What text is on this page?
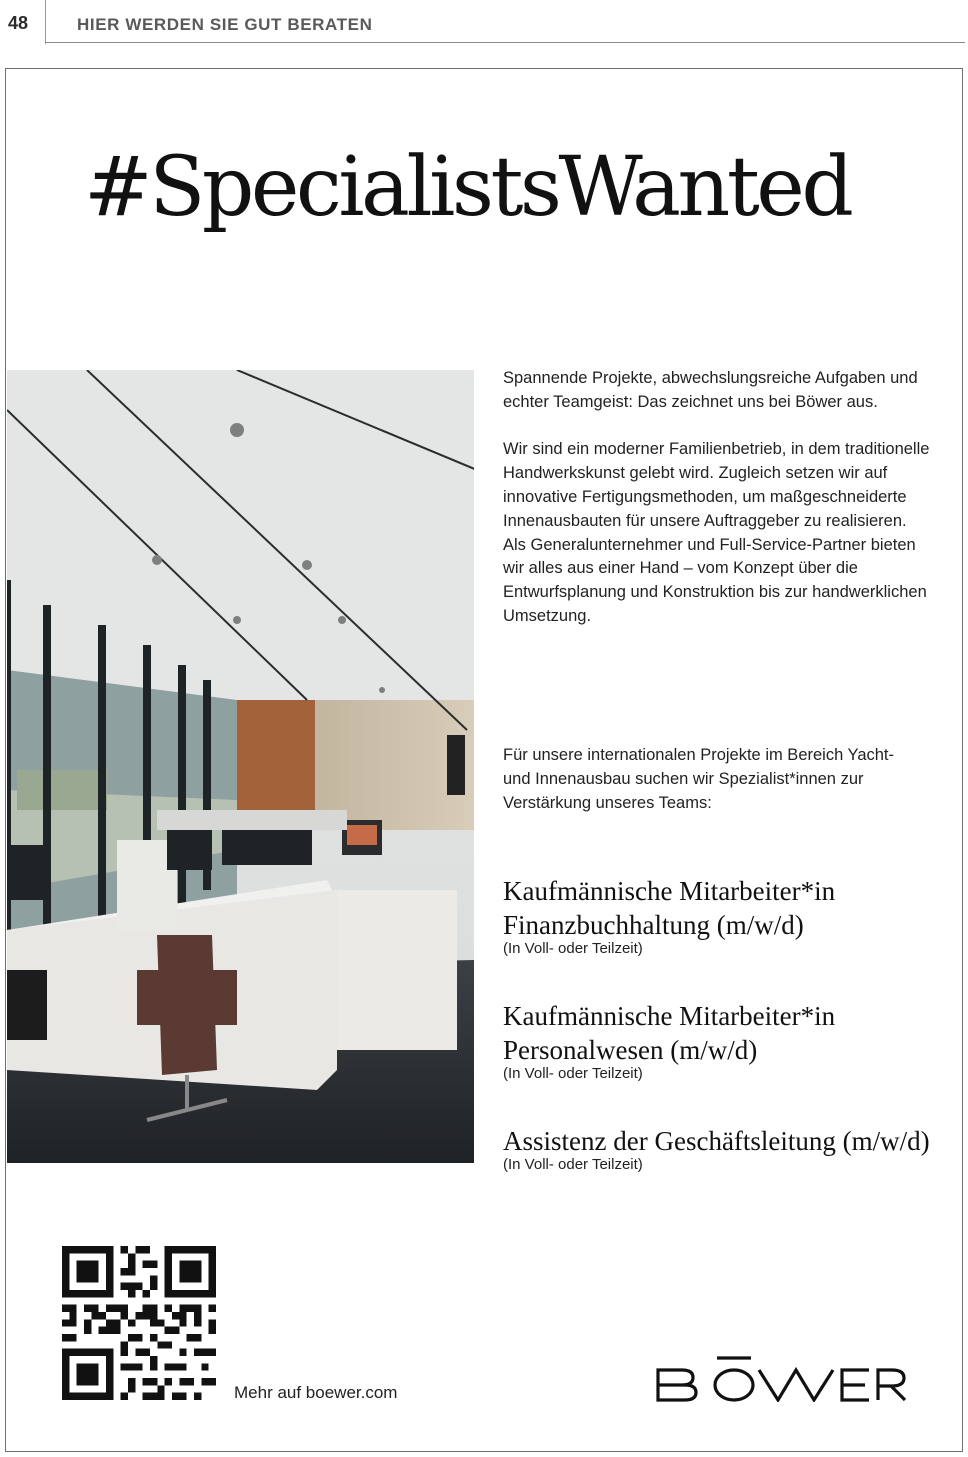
48	HIER WERDEN SIE GUT BERATEN
#SpecialistsWanted

Spannende Projekte, abwechslungsreiche Aufgaben und echter Teamgeist: Das zeichnet uns bei Böwer aus.

Wir sind ein moderner Familienbetrieb, in dem traditionelle Handwerkskunst gelebt wird. Zugleich setzen wir auf innovative Fertigungsmethoden, um maßgeschneiderte Innenausbauten für unsere Auftraggeber zu realisieren. Als Generalunternehmer und Full-Service-Partner bieten wir alles aus einer Hand – vom Konzept über die Entwurfsplanung und Konstruktion bis zur handwerklichen Umsetzung.

Für unsere internationalen Projekte im Bereich Yacht- und Innenausbau suchen wir Spezialist*innen zur Verstärkung unseres Teams:
Kaufmännische Mitarbeiter*in Finanzbuchhaltung (m/w/d)
(In Voll- oder Teilzeit)
Kaufmännische Mitarbeiter*in Personalwesen (m/w/d)
(In Voll- oder Teilzeit)
Assistenz der Geschäftsleitung (m/w/d)
(In Voll- oder Teilzeit)
Mehr auf boewer.com
